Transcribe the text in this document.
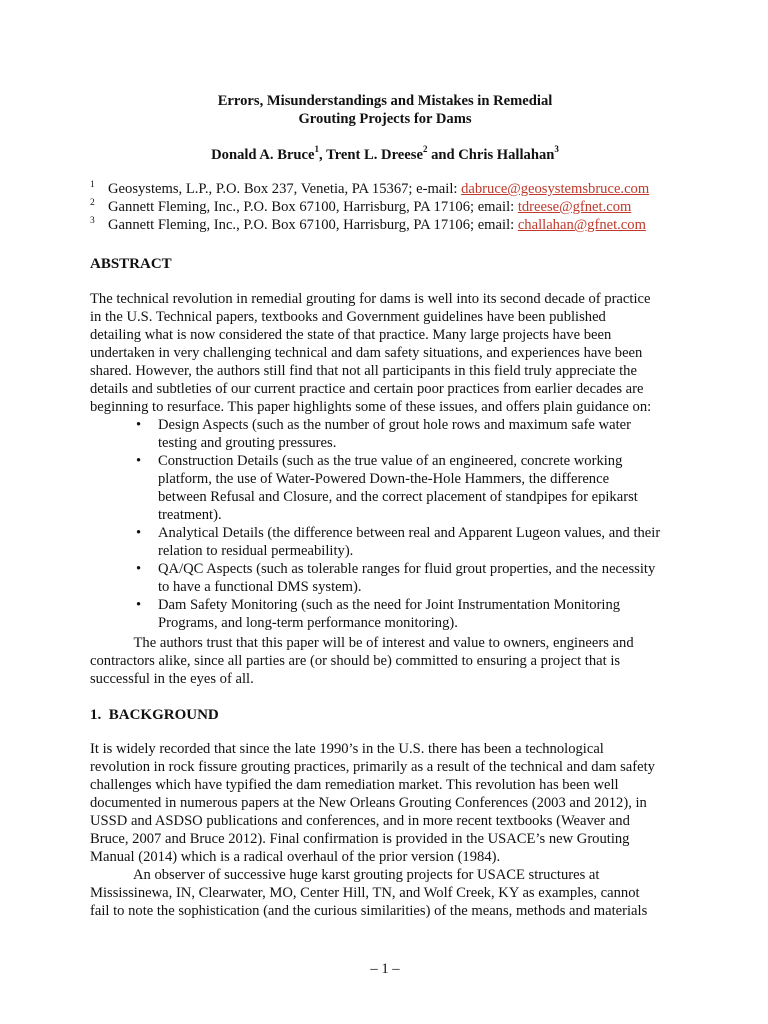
Errors, Misunderstandings and Mistakes in Remedial
Grouting Projects for Dams
Donald A. Bruce$^1$, Trent L. Dreese$^2$ and Chris Hallahan$^3$
1 Geosystems, L.P., P.O. Box 237, Venetia, PA 15367; e-mail: dabruce@geosystemsbruce.com
2 Gannett Fleming, Inc., P.O. Box 67100, Harrisburg, PA 17106; email: tdreese@gfnet.com
3 Gannett Fleming, Inc., P.O. Box 67100, Harrisburg, PA 17106; email: challahan@gfnet.com
ABSTRACT
The technical revolution in remedial grouting for dams is well into its second decade of practice
in the U.S. Technical papers, textbooks and Government guidelines have been published
detailing what is now considered the state of that practice. Many large projects have been
undertaken in very challenging technical and dam safety situations, and experiences have been
shared. However, the authors still find that not all participants in this field truly appreciate the
details and subtleties of our current practice and certain poor practices from earlier decades are
beginning to resurface. This paper highlights some of these issues, and offers plain guidance on:
• Design Aspects (such as the number of grout hole rows and maximum safe water
testing and grouting pressures.
• Construction Details (such as the true value of an engineered, concrete working
platform, the use of Water-Powered Down-the-Hole Hammers, the difference
between Refusal and Closure, and the correct placement of standpipes for epikarst
treatment).
• Analytical Details (the difference between real and Apparent Lugeon values, and their
relation to residual permeability).
• QA/QC Aspects (such as tolerable ranges for fluid grout properties, and the necessity
to have a functional DMS system).
• Dam Safety Monitoring (such as the need for Joint Instrumentation Monitoring
Programs, and long-term performance monitoring).
The authors trust that this paper will be of interest and value to owners, engineers and
contractors alike, since all parties are (or should be) committed to ensuring a project that is
successful in the eyes of all.
1.  BACKGROUND
It is widely recorded that since the late 1990’s in the U.S. there has been a technological
revolution in rock fissure grouting practices, primarily as a result of the technical and dam safety
challenges which have typified the dam remediation market. This revolution has been well
documented in numerous papers at the New Orleans Grouting Conferences (2003 and 2012), in
USSD and ASDSO publications and conferences, and in more recent textbooks (Weaver and
Bruce, 2007 and Bruce 2012). Final confirmation is provided in the USACE’s new Grouting
Manual (2014) which is a radical overhaul of the prior version (1984).
An observer of successive huge karst grouting projects for USACE structures at
Mississinewa, IN, Clearwater, MO, Center Hill, TN, and Wolf Creek, KY as examples, cannot
fail to note the sophistication (and the curious similarities) of the means, methods and materials
– 1 –
